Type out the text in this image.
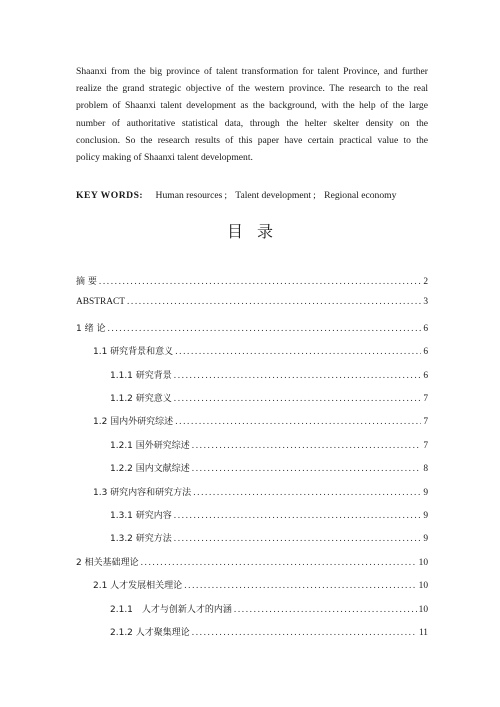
Shaanxi from the big province of talent transformation for talent Province, and further
realize the grand strategic objective of the western province. The research to the real
problem of Shaanxi talent development as the background, with the help of the large
number of authoritative statistical data, through the helter skelter density on the
conclusion. So the research results of this paper have certain practical value to the
policy making of Shaanxi talent development.
KEY WORDS: Human resources ; Talent development ; Regional economy
目录
摘 要 .....	2
ABSTRACT .....	3
1 绪 论 .....	6
1.1 研究背景和意义 .....	6
1.1.1 研究背景 .....	6
1.1.2 研究意义 .....	7
1.2 国内外研究综述 .....	7
1.2.1 国外研究综述 .....	7
1.2.2 国内文献综述 .....	8
1.3 研究内容和研究方法 .....	9
1.3.1 研究内容 .....	9
1.3.2 研究方法 .....	9
2 相关基础理论 .....	10
2.1 人才发展相关理论 .....	10
2.1.1　人才与创新人才的内涵 .....	10
2.1.2 人才聚集理论 .....	11
